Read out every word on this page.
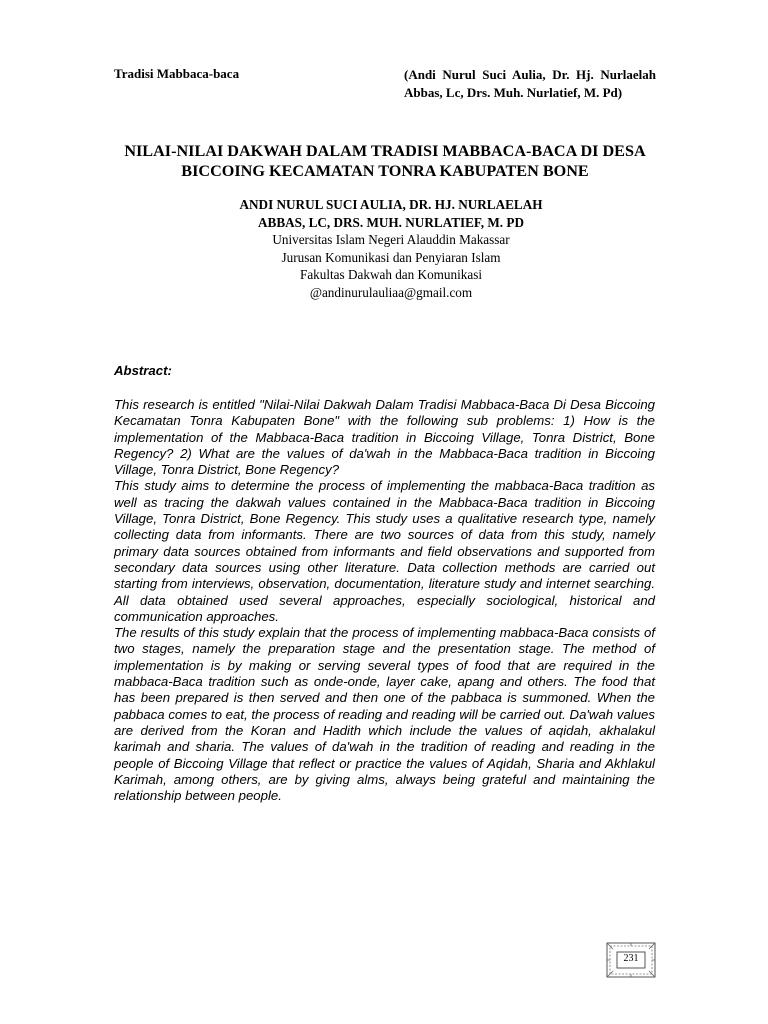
Tradisi Mabbaca-baca	(Andi Nurul Suci Aulia, Dr. Hj. Nurlaelah Abbas, Lc, Drs. Muh. Nurlatief, M. Pd)
NILAI-NILAI DAKWAH DALAM TRADISI MABBACA-BACA DI DESA BICCOING KECAMATAN TONRA KABUPATEN BONE

ANDI NURUL SUCI AULIA, DR. HJ. NURLAELAH ABBAS, LC, DRS. MUH. NURLATIEF, M. PD

Universitas Islam Negeri Alauddin Makassar

Jurusan Komunikasi dan Penyiaran Islam

Fakultas Dakwah dan Komunikasi

@andinurulauliaa@gmail.com

Abstract:

This research is entitled "Nilai-Nilai Dakwah Dalam Tradisi Mabbaca-Baca Di Desa Biccoing Kecamatan Tonra Kabupaten Bone" with the following sub problems: 1) How is the implementation of the Mabbaca-Baca tradition in Biccoing Village, Tonra District, Bone Regency? 2) What are the values of da'wah in the Mabbaca-Baca tradition in Biccoing Village, Tonra District, Bone Regency?

This study aims to determine the process of implementing the mabbaca-Baca tradition as well as tracing the dakwah values contained in the Mabbaca-Baca tradition in Biccoing Village, Tonra District, Bone Regency. This study uses a qualitative research type, namely collecting data from informants. There are two sources of data from this study, namely primary data sources obtained from informants and field observations and supported from secondary data sources using other literature. Data collection methods are carried out starting from interviews, observation, documentation, literature study and internet searching. All data obtained used several approaches, especially sociological, historical and communication approaches.

The results of this study explain that the process of implementing mabbaca-Baca consists of two stages, namely the preparation stage and the presentation stage. The method of implementation is by making or serving several types of food that are required in the mabbaca-Baca tradition such as onde-onde, layer cake, apang and others. The food that has been prepared is then served and then one of the pabbaca is summoned. When the pabbaca comes to eat, the process of reading and reading will be carried out. Da'wah values are derived from the Koran and Hadith which include the values of aqidah, akhalakul karimah and sharia. The values of da'wah in the tradition of reading and reading in the people of Biccoing Village that reflect or practice the values of Aqidah, Sharia and Akhlakul Karimah, among others, are by giving alms, always being grateful and maintaining the relationship between people.

231
